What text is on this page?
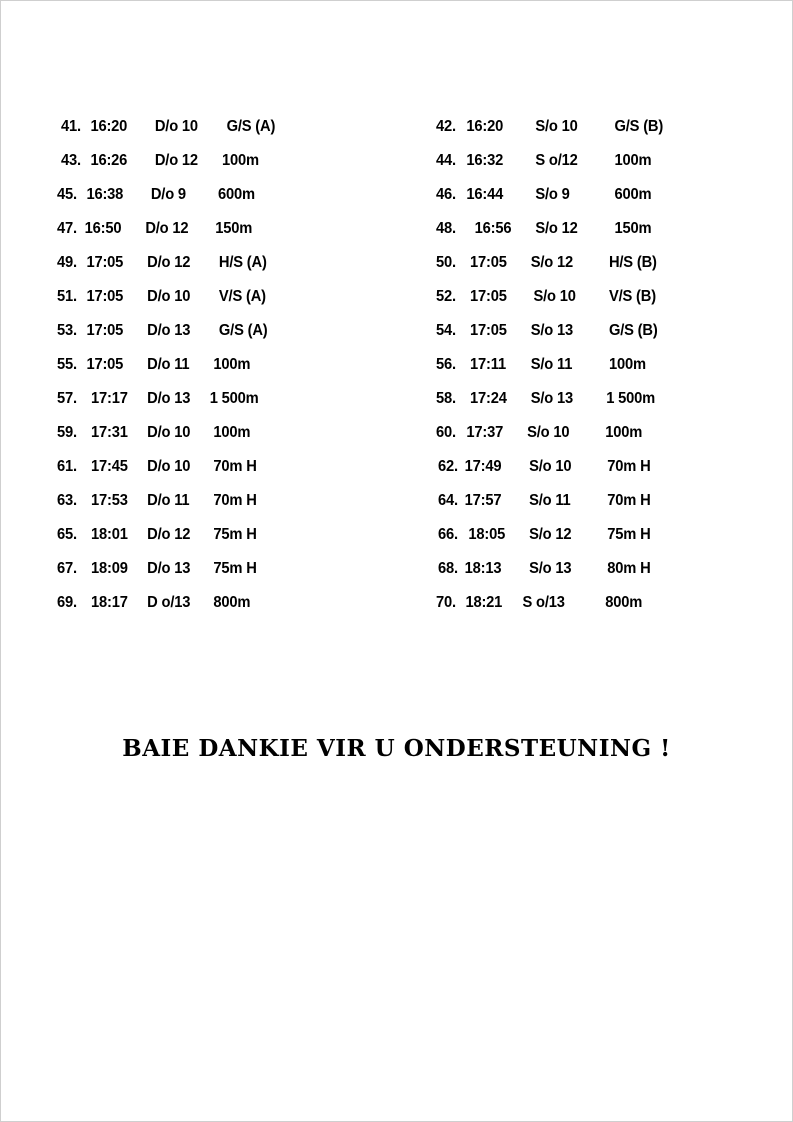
41. 16:20 D/o 10 G/S (A)	42. 16:20 S/o 10 G/S (B)
43. 16:26 D/o 12 100m	44. 16:32 S o/12 100m
45. 16:38 D/o 9 600m	46. 16:44 S/o 9	600m
47. 16:50 D/o 12 150m	48. 16:56 S/o 12 150m
49. 17:05 D/o 12 H/S (A)	50. 17:05 S/o 12 H/S (B)
51. 17:05 D/o 10 V/S (A)	52. 17:05 S/o 10 V/S (B)
53. 17:05 D/o 13 G/S (A)	54. 17:05 S/o 13 G/S (B)
55. 17:05 D/o 11 100m	56. 17:11 S/o 11 100m
57. 17:17 D/o 13 1 500m	58. 17:24 S/o 13 1 500m
59. 17:31 D/o 10 100m	60. 17:37 S/o 10 100m
61. 17:45 D/o 10 70m H	62. 17:49 S/o 10 70m H
63. 17:53 D/o 11 70m H	64. 17:57 S/o 11 70m H
65. 18:01 D/o 12 75m H	66. 18:05 S/o 12 75m H
67. 18:09 D/o 13 75m H	68. 18:13 S/o 13 80m H
69. 18:17 D o/13 800m	70. 18:21 S o/13	800m
BAIE DANKIE VIR U ONDERSTEUNING !
